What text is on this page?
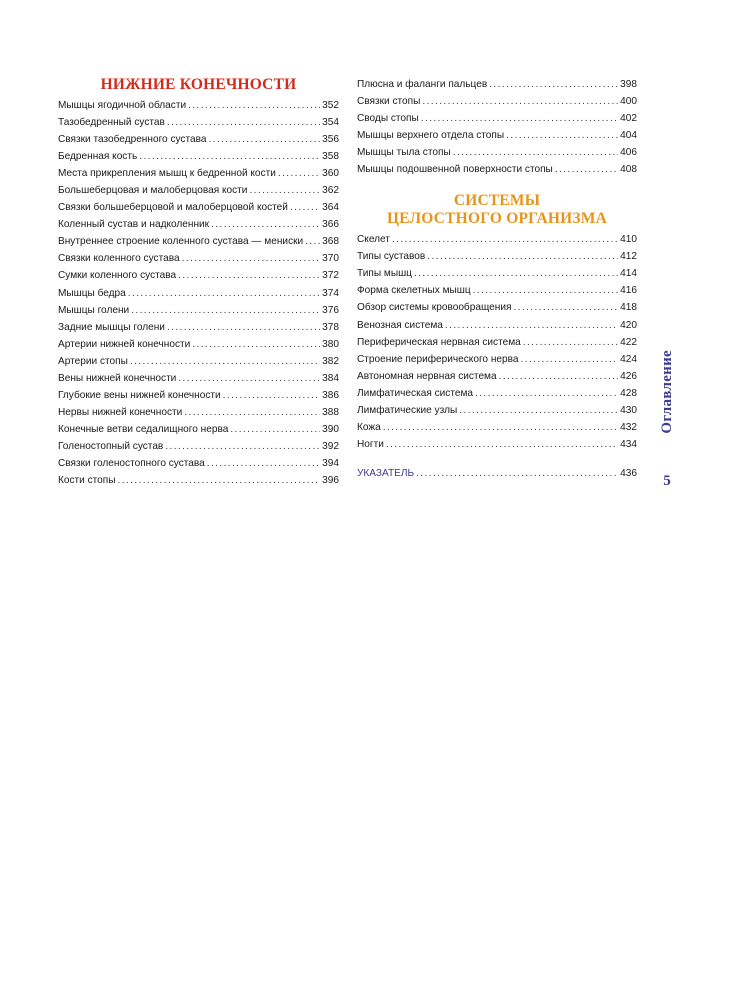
НИЖНИЕ КОНЕЧНОСТИ
Мышцы ягодичной области .....	352
Тазобедренный сустав .....	354
Связки тазобедренного сустава .....	356
Бедренная кость .....	358
Места прикрепления мышц к бедренной кости .....	360
Большеберцовая и малоберцовая кости .....	362
Связки большеберцовой и малоберцовой костей .....	364
Коленный сустав и надколенник .....	366
Внутреннее строение коленного сустава — мениски ..... 368
Связки коленного сустава .....	370
Сумки коленного сустава .....	372
Мышцы бедра .....	374
Мышцы голени .....	376
Задние мышцы голени .....	378
Артерии нижней конечности .....	380
Артерии стопы .....	382
Вены нижней конечности .....	384
Глубокие вены нижней конечности .....	386
Нервы нижней конечности .....	388
Конечные ветви седалищного нерва .....	390
Голеностопный сустав .....	392
Связки голеностопного сустава .....	394
Кости стопы .....	396
Плюсна и фаланги пальцев .....	398
Связки стопы .....	400
Своды стопы .....	402
Мышцы верхнего отдела стопы .....	404
Мышцы тыла стопы .....	406
Мышцы подошвенной поверхности стопы .....	408
СИСТЕМЫ
ЦЕЛОСТНОГО ОРГАНИЗМА
Скелет .....	410
Типы суставов .....	412
Типы мышц .....	414
Форма скелетных мышц .....	416
Обзор системы кровообращения .....	418
Венозная система .....	420
Периферическая нервная система .....	422
Строение периферического нерва .....	424
Автономная нервная система .....	426
Лимфатическая система .....	428
Лимфатические узлы .....	430
Кожа .....	432
Ногти .....	434
УКАЗАТЕЛЬ .....	436
Оглавление
5
